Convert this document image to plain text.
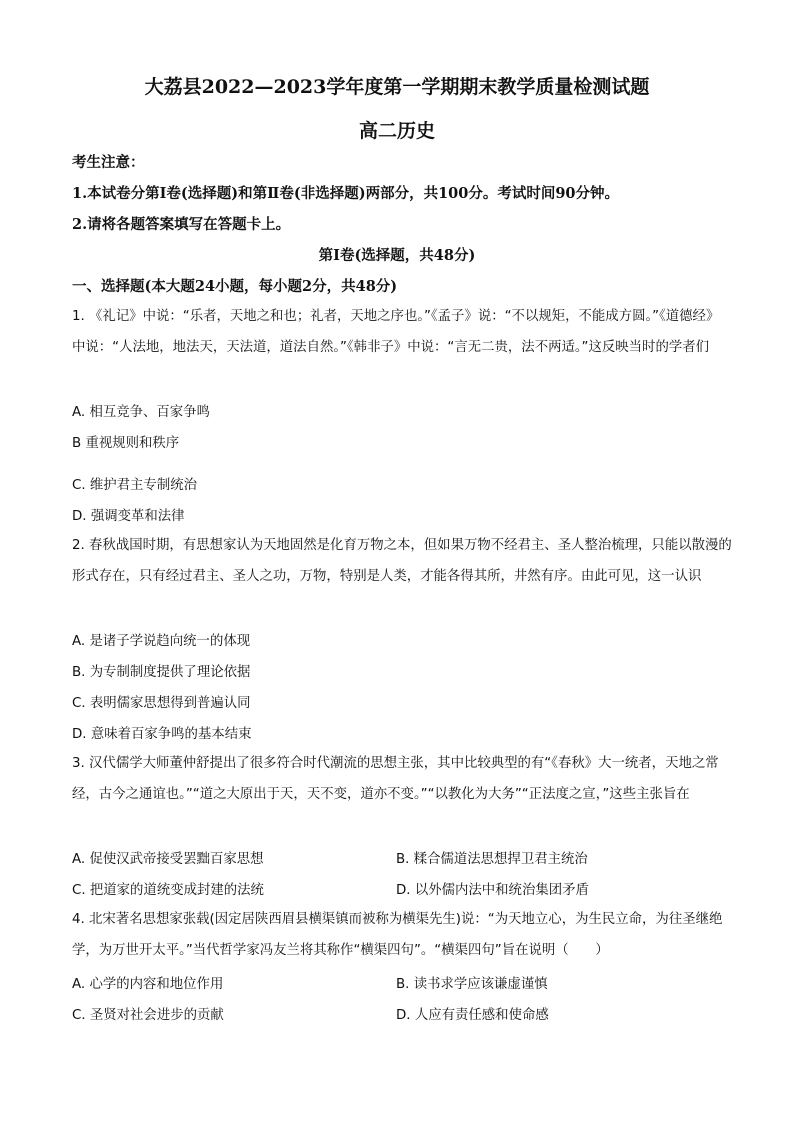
大荔县2022—2023学年度第一学期期末教学质量检测试题
高二历史
考生注意：
1.本试卷分第Ⅰ卷(选择题)和第Ⅱ卷(非选择题)两部分，共100分。考试时间90分钟。
2.请将各题答案填写在答题卡上。
第Ⅰ卷(选择题，共48分)
一、选择题(本大题24小题，每小题2分，共48分)
1. 《礼记》中说：“乐者，天地之和也；礼者，天地之序也。”《孟子》说：“不以规矩，不能成方圆。”《道德经》中说：“人法地，地法天，天法道，道法自然。”《韩非子》中说：“言无二贵，法不两适。”这反映当时的学者们
A. 相互竞争、百家争鸣
B 重视规则和秩序
C. 维护君主专制统治
D. 强调变革和法律
2. 春秋战国时期，有思想家认为天地固然是化育万物之本，但如果万物不经君主、圣人整治梳理，只能以散漫的形式存在，只有经过君主、圣人之功，万物，特别是人类，才能各得其所，井然有序。由此可见，这一认识
A. 是诸子学说趋向统一的体现
B. 为专制制度提供了理论依据
C. 表明儒家思想得到普遍认同
D. 意味着百家争鸣的基本结束
3. 汉代儒学大师董仲舒提出了很多符合时代潮流的思想主张，其中比较典型的有“《春秋》大一统者，天地之常经，古今之通谊也。”“道之大原出于天，天不变，道亦不变。”“以教化为大务”“正法度之宣，”这些主张旨在
A. 促使汉武帝接受罢黜百家思想	B. 糅合儒道法思想捍卫君主统治
C. 把道家的道统变成封建的法统	D. 以外儒内法中和统治集团矛盾
4. 北宋著名思想家张载(因定居陕西眉县横渠镇而被称为横渠先生)说：“为天地立心，为生民立命，为往圣继绝学，为万世开太平。”当代哲学家冯友兰将其称作“横渠四句”。“横渠四句”旨在说明（　　）
A. 心学的内容和地位作用	B. 读书求学应该谦虚谨慎
C. 圣贤对社会进步的贡献	D. 人应有责任感和使命感
